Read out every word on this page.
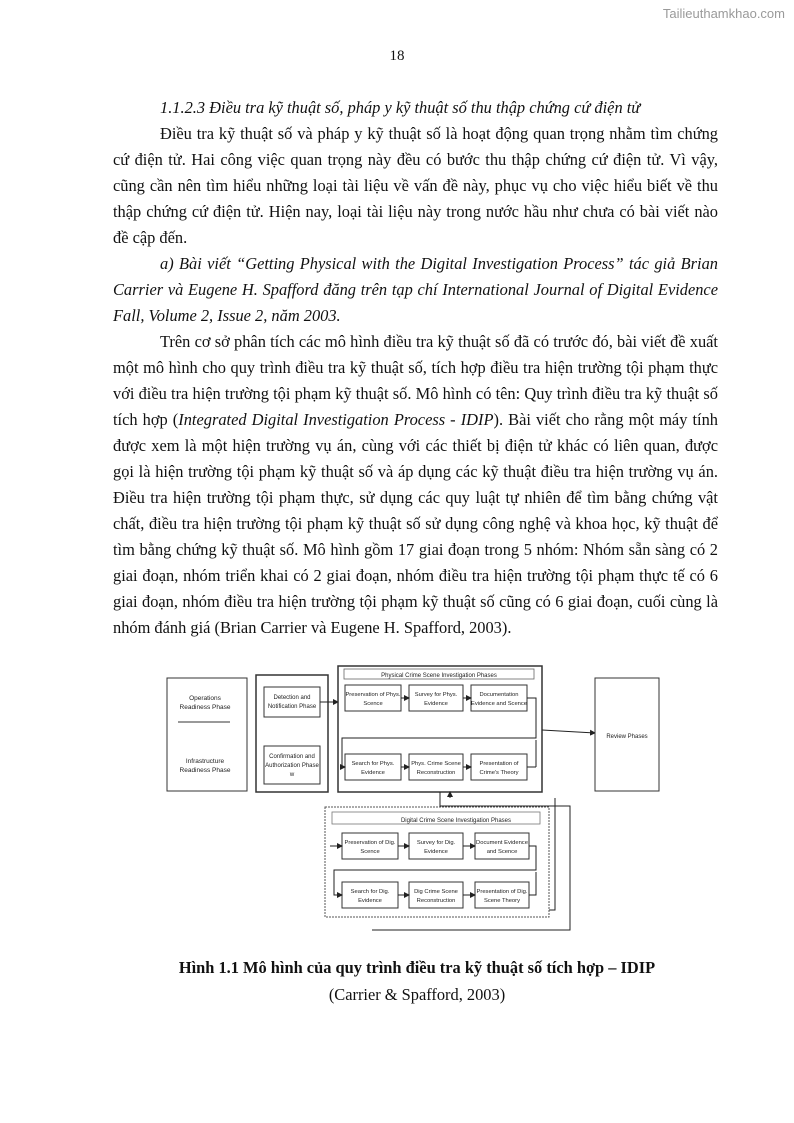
Tailieuthamkhao.com
18

1.1.2.3 Điều tra kỹ thuật số, pháp y kỹ thuật số thu thập chứng cứ điện tử

Điều tra kỹ thuật số và pháp y kỹ thuật số là hoạt động quan trọng nhằm tìm chứng cứ điện tử. Hai công việc quan trọng này đều có bước thu thập chứng cứ điện tử. Vì vậy, cũng cần nên tìm hiểu những loại tài liệu về vấn đề này, phục vụ cho việc hiểu biết về thu thập chứng cứ điện tử. Hiện nay, loại tài liệu này trong nước hầu như chưa có bài viết nào đề cập đến.

a) Bài viết “Getting Physical with the Digital Investigation Process” tác giả Brian Carrier và Eugene H. Spafford đăng trên tạp chí International Journal of Digital Evidence Fall, Volume 2, Issue 2, năm 2003.

Trên cơ sở phân tích các mô hình điều tra kỹ thuật số đã có trước đó, bài viết đề xuất một mô hình cho quy trình điều tra kỹ thuật số, tích hợp điều tra hiện trường tội phạm thực với điều tra hiện trường tội phạm kỹ thuật số. Mô hình có tên: Quy trình điều tra kỹ thuật số tích hợp (Integrated Digital Investigation Process - IDIP). Bài viết cho rằng một máy tính được xem là một hiện trường vụ án, cùng với các thiết bị điện tử khác có liên quan, được gọi là hiện trường tội phạm kỹ thuật số và áp dụng các kỹ thuật điều tra hiện trường vụ án. Điều tra hiện trường tội phạm thực, sử dụng các quy luật tự nhiên để tìm bằng chứng vật chất, điều tra hiện trường tội phạm kỹ thuật số sử dụng công nghệ và khoa học, kỹ thuật để tìm bằng chứng kỹ thuật số. Mô hình gồm 17 giai đoạn trong 5 nhóm: Nhóm sẵn sàng có 2 giai đoạn, nhóm triển khai có 2 giai đoạn, nhóm điều tra hiện trường tội phạm thực tế có 6 giai đoạn, nhóm điều tra hiện trường tội phạm kỹ thuật số cũng có 6 giai đoạn, cuối cùng là nhóm đánh giá (Brian Carrier và Eugene H. Spafford, 2003).

Operations
Readiness Phase
Infrastructure
Readiness Phase
Detection and
Notification Phase
Confirmation and
Authorization Phase
w
Physical Crime Scene Investigation Phases
Preservation of Phys.
Scence
Survey for Phys.
Evidence
Documentation
Evidence and Scence
Search for Phys.
Evidence
Phys. Crime Scene
Reconstruction
Presentation of
Crime's Theory
Review Phases
Digital Crime Scene Investigation Phases
Preservation of Dig.
Scence
Survey for Dig.
Evidence
Document Evidence
and Scence
Search for Dig.
Evidence
Dig Crime Scene
Reconstruction
Presentation of Dig.
Scene Theory
Hình 1.1 Mô hình của quy trình điều tra kỹ thuật số tích hợp – IDIP
(Carrier & Spafford, 2003)
